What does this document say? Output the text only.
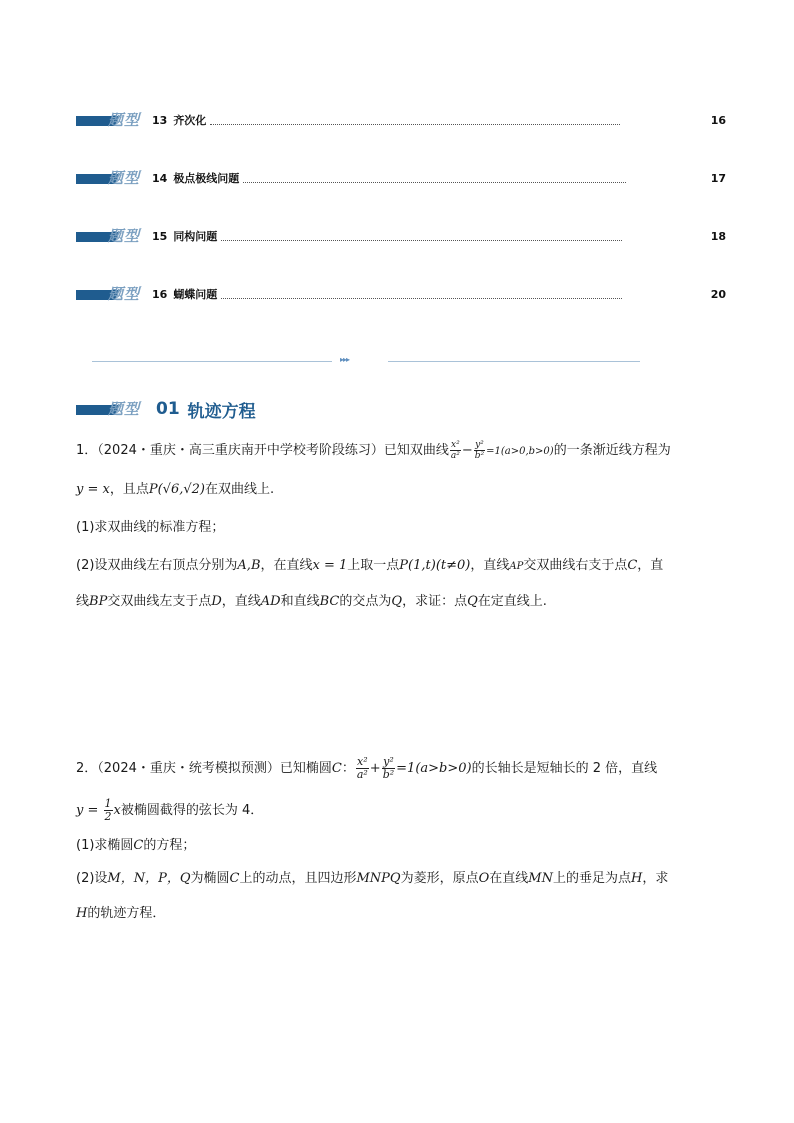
题型 13 齐次化	16
题型 14 极点极线问题	17
题型 15 同构问题	18
题型 16 蝴蝶问题	20
▸▸▸
题型 01 轨迹方程
1．（2024・重庆・高三重庆南开中学校考阶段练习）已知双曲线 $\frac{\text{x²}}{\text{a²}} - \frac{\text{y²}}{\text{b²}} =1(a>0,b>0)$的一条渐近线方程为
y = x，且点P(√6,√2)在双曲线上.
(1)求双曲线的标准方程；
(2)设双曲线左右顶点分别为A,B，在直线x = 1上取一点P(1,t)(t≠0)，直线AP交双曲线右支于点C，直
线BP交双曲线左支于点D，直线AD和直线BC的交点为Q，求证：点Q在定直线上.
2．（2024・重庆・统考模拟预测）已知椭圆C： $\frac{\text{x²}}{\text{a²}} + \frac{\text{y²}}{\text{b²}} =1(a>b>0)$的长轴长是短轴长的 2 倍，直线
$y = \frac{1}{2}$ x被椭圆截得的弦长为 4．
(1)求椭圆C的方程；
(2)设M，N，P，Q为椭圆C上的动点，且四边形MNPQ为菱形，原点O在直线MN上的垂足为点H，求
H的轨迹方程．
